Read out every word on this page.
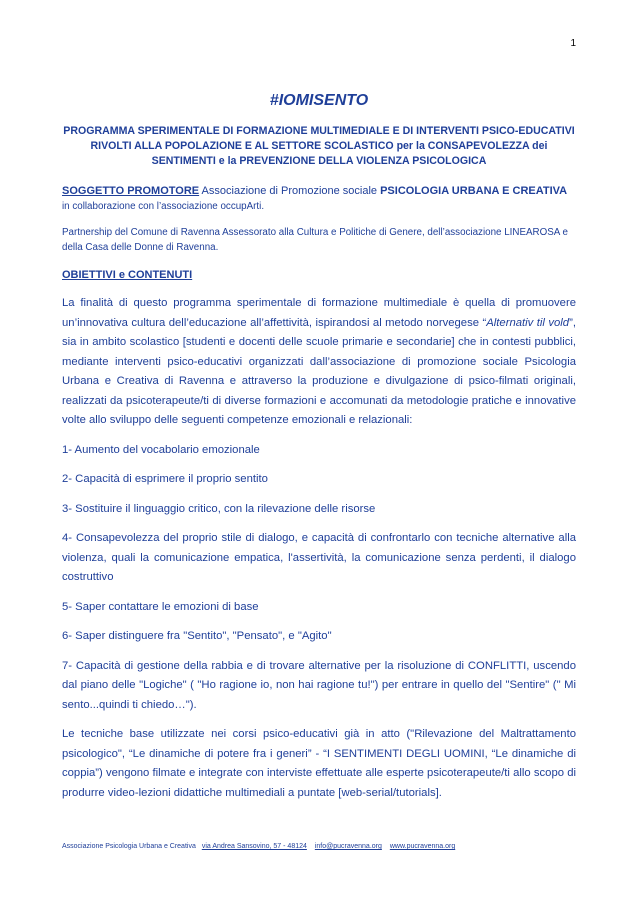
1
#IOMISENTO
PROGRAMMA SPERIMENTALE DI FORMAZIONE MULTIMEDIALE E DI INTERVENTI PSICO-EDUCATIVI RIVOLTI ALLA POPOLAZIONE E AL SETTORE SCOLASTICO per la CONSAPEVOLEZZA dei SENTIMENTI e la PREVENZIONE DELLA VIOLENZA PSICOLOGICA
SOGGETTO PROMOTORE Associazione di Promozione sociale PSICOLOGIA URBANA E CREATIVA
in collaborazione con l’associazione occupArti.
Partnership del Comune di Ravenna Assessorato alla Cultura e Politiche di Genere, dell’associazione LINEAROSA e della Casa delle Donne di Ravenna.
OBIETTIVI e CONTENUTI
La finalità di questo programma sperimentale di formazione multimediale è quella di promuovere un’innovativa cultura dell’educazione all’affettività, ispirandosi al metodo norvegese “Alternativ til vold”, sia in ambito scolastico [studenti e docenti delle scuole primarie e secondarie] che in contesti pubblici, mediante interventi psico-educativi organizzati dall’associazione di promozione sociale Psicologia Urbana e Creativa di Ravenna e attraverso la produzione e divulgazione di psico-filmati originali, realizzati da psicoterapeute/ti di diverse formazioni e accomunati da metodologie pratiche e innovative volte allo sviluppo delle seguenti competenze emozionali e relazionali:
1- Aumento del vocabolario emozionale
2- Capacità di esprimere il proprio sentito
3- Sostituire il linguaggio critico, con la rilevazione delle risorse
4- Consapevolezza del proprio stile di dialogo, e capacità di confrontarlo con tecniche alternative alla violenza, quali la comunicazione empatica, l'assertività, la comunicazione senza perdenti, il dialogo costruttivo
5- Saper contattare le emozioni di base
6- Saper distinguere fra "Sentito", "Pensato", e "Agito"
7- Capacità di gestione della rabbia e di trovare alternative per la risoluzione di CONFLITTI, uscendo dal piano delle "Logiche" ( "Ho ragione io, non hai ragione tu!") per entrare in quello del "Sentire" (" Mi sento...quindi ti chiedo…").
Le tecniche base utilizzate nei corsi psico-educativi già in atto ("Rilevazione del Maltrattamento psicologico", “Le dinamiche di potere fra i generi” - “I SENTIMENTI DEGLI UOMINI, “Le dinamiche di coppia”) vengono filmate e integrate con interviste effettuate alle esperte psicoterapeute/ti allo scopo di produrre video-lezioni didattiche multimediali a puntate [web-serial/tutorials].
Associazione Psicologia Urbana e Creativa via Andrea Sansovino, 57 - 48124 info@pucravenna.org www.pucravenna.org
